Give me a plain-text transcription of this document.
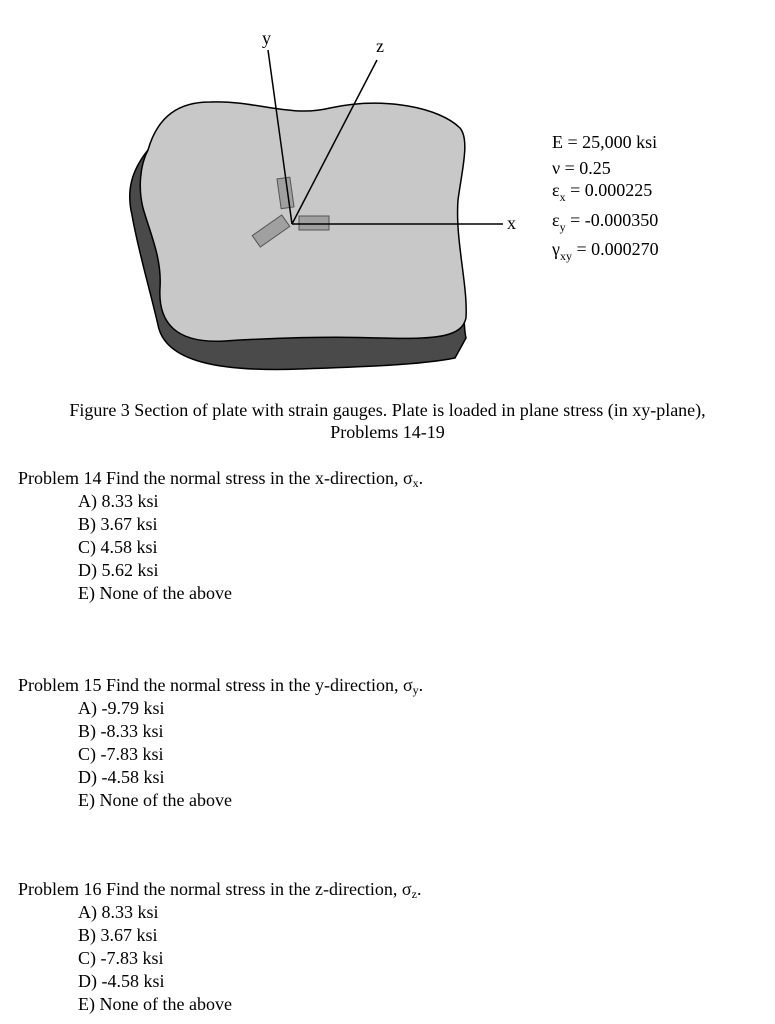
y	z
x
E = 25,000 ksi
ν = 0.25
$\varepsilon_x = 0.000225$
$\varepsilon_y = -0.000350$
$\gamma_{xy} = 0.000270$
Figure 3 Section of plate with strain gauges. Plate is loaded in plane stress (in xy-plane),
Problems 14-19
Problem 14 Find the normal stress in the x-direction, $\sigma_x$.
A) 8.33 ksi
B) 3.67 ksi
C) 4.58 ksi
D) 5.62 ksi
E) None of the above
Problem 15 Find the normal stress in the y-direction, $\sigma_y$.
A) -9.79 ksi
B) -8.33 ksi
C) -7.83 ksi
D) -4.58 ksi
E) None of the above
Problem 16 Find the normal stress in the z-direction, $\sigma_z$.
A) 8.33 ksi
B) 3.67 ksi
C) -7.83 ksi
D) -4.58 ksi
E) None of the above
